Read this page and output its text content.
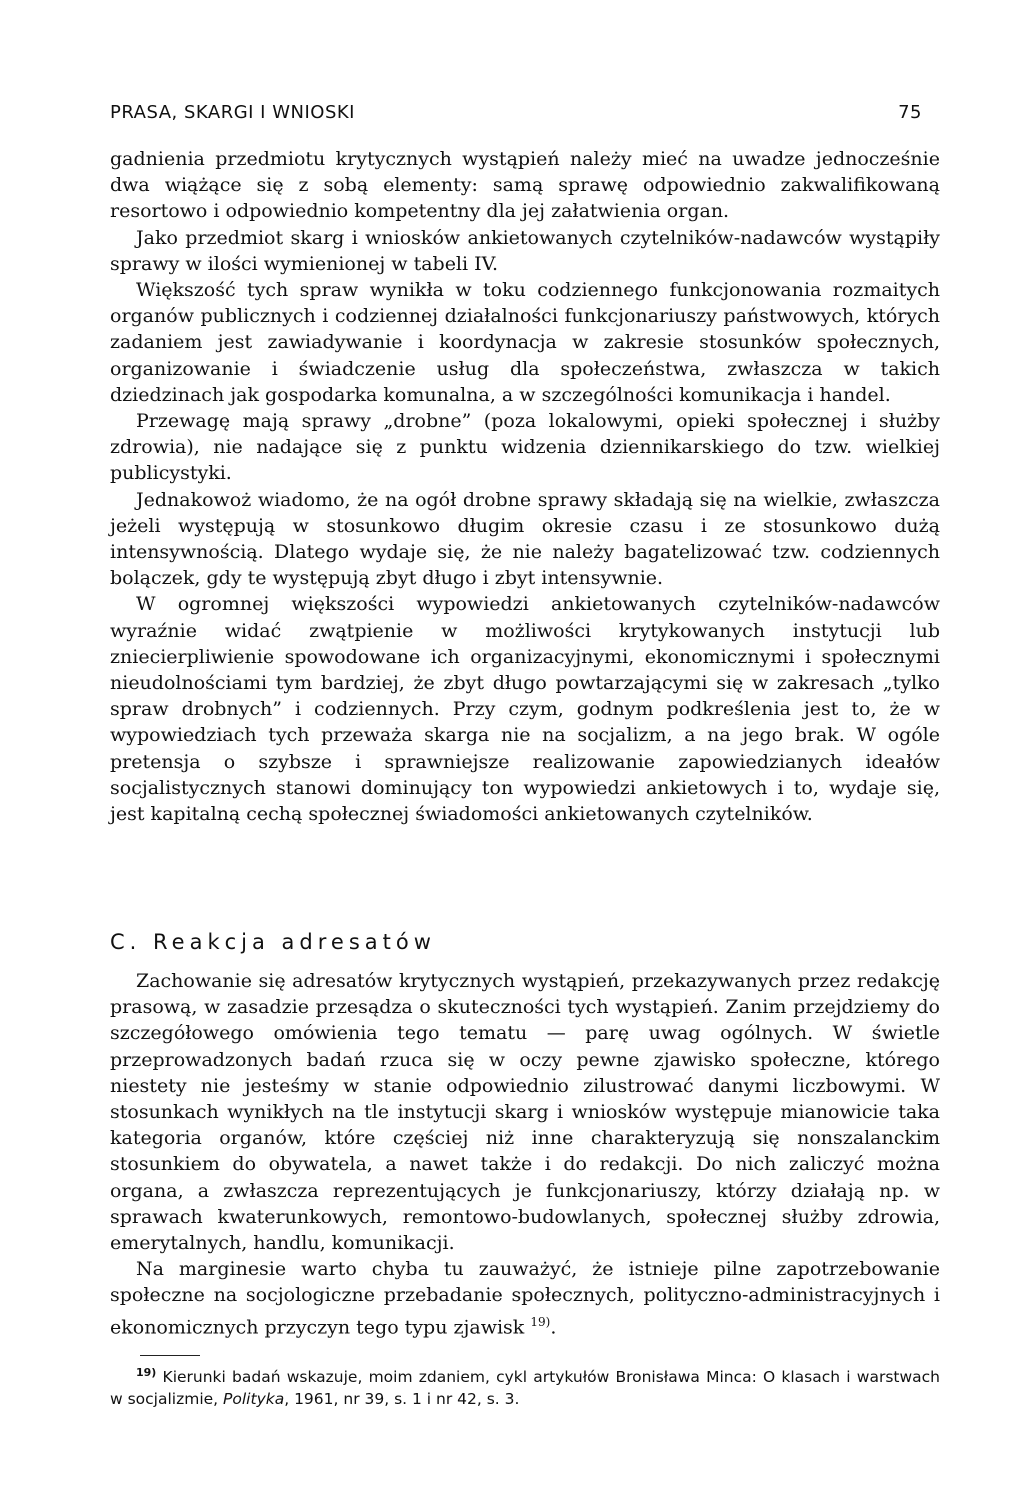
PRASA, SKARGI I WNIOSKI	75

gadnienia przedmiotu krytycznych wystąpień należy mieć na uwadze jednocześnie dwa wiążące się z sobą elementy: samą sprawę odpowiednio zakwalifikowaną resortowo i odpowiednio kompetentny dla jej załatwienia organ.

Jako przedmiot skarg i wniosków ankietowanych czytelników-nadawców wystąpiły sprawy w ilości wymienionej w tabeli IV.

Większość tych spraw wynikła w toku codziennego funkcjonowania rozmaitych organów publicznych i codziennej działalności funkcjonariuszy państwowych, których zadaniem jest zawiadywanie i koordynacja w zakresie stosunków społecznych, organizowanie i świadczenie usług dla społeczeństwa, zwłaszcza w takich dziedzinach jak gospodarka komunalna, a w szczególności komunikacja i handel.

Przewagę mają sprawy „drobne” (poza lokalowymi, opieki społecznej i służby zdrowia), nie nadające się z punktu widzenia dziennikarskiego do tzw. wielkiej publicystyki.

Jednakowoż wiadomo, że na ogół drobne sprawy składają się na wielkie, zwłaszcza jeżeli występują w stosunkowo długim okresie czasu i ze stosunkowo dużą intensywnością. Dlatego wydaje się, że nie należy bagatelizować tzw. codziennych bolączek, gdy te występują zbyt długo i zbyt intensywnie.

W ogromnej większości wypowiedzi ankietowanych czytelników-nadawców wyraźnie widać zwątpienie w możliwości krytykowanych instytucji lub zniecierpliwienie spowodowane ich organizacyjnymi, ekonomicznymi i społecznymi nieudolnościami tym bardziej, że zbyt długo powtarzającymi się w zakresach „tylko spraw drobnych” i codziennych. Przy czym, godnym podkreślenia jest to, że w wypowiedziach tych przeważa skarga nie na socjalizm, a na jego brak. W ogóle pretensja o szybsze i sprawniejsze realizowanie zapowiedzianych ideałów socjalistycznych stanowi dominujący ton wypowiedzi ankietowych i to, wydaje się, jest kapitalną cechą społecznej świadomości ankietowanych czytelników.

C. Reakcja adresatów

Zachowanie się adresatów krytycznych wystąpień, przekazywanych przez redakcję prasową, w zasadzie przesądza o skuteczności tych wystąpień. Zanim przejdziemy do szczegółowego omówienia tego tematu — parę uwag ogólnych. W świetle przeprowadzonych badań rzuca się w oczy pewne zjawisko społeczne, którego niestety nie jesteśmy w stanie odpowiednio zilustrować danymi liczbowymi. W stosunkach wynikłych na tle instytucji skarg i wniosków występuje mianowicie taka kategoria organów, które częściej niż inne charakteryzują się nonszalanckim stosunkiem do obywatela, a nawet także i do redakcji. Do nich zaliczyć można organa, a zwłaszcza reprezentujących je funkcjonariuszy, którzy działają np. w sprawach kwaterunkowych, remontowo-budowlanych, społecznej służby zdrowia, emerytalnych, handlu, komunikacji.

Na marginesie warto chyba tu zauważyć, że istnieje pilne zapotrzebowanie społeczne na socjologiczne przebadanie społecznych, polityczno-administracyjnych i ekonomicznych przyczyn tego typu zjawisk $^{19)}$.

$^{19)}$ Kierunki badań wskazuje, moim zdaniem, cykl artykułów Bronisława Minca: O klasach i warstwach w socjalizmie, Polityka, 1961, nr 39, s. 1 i nr 42, s. 3.
